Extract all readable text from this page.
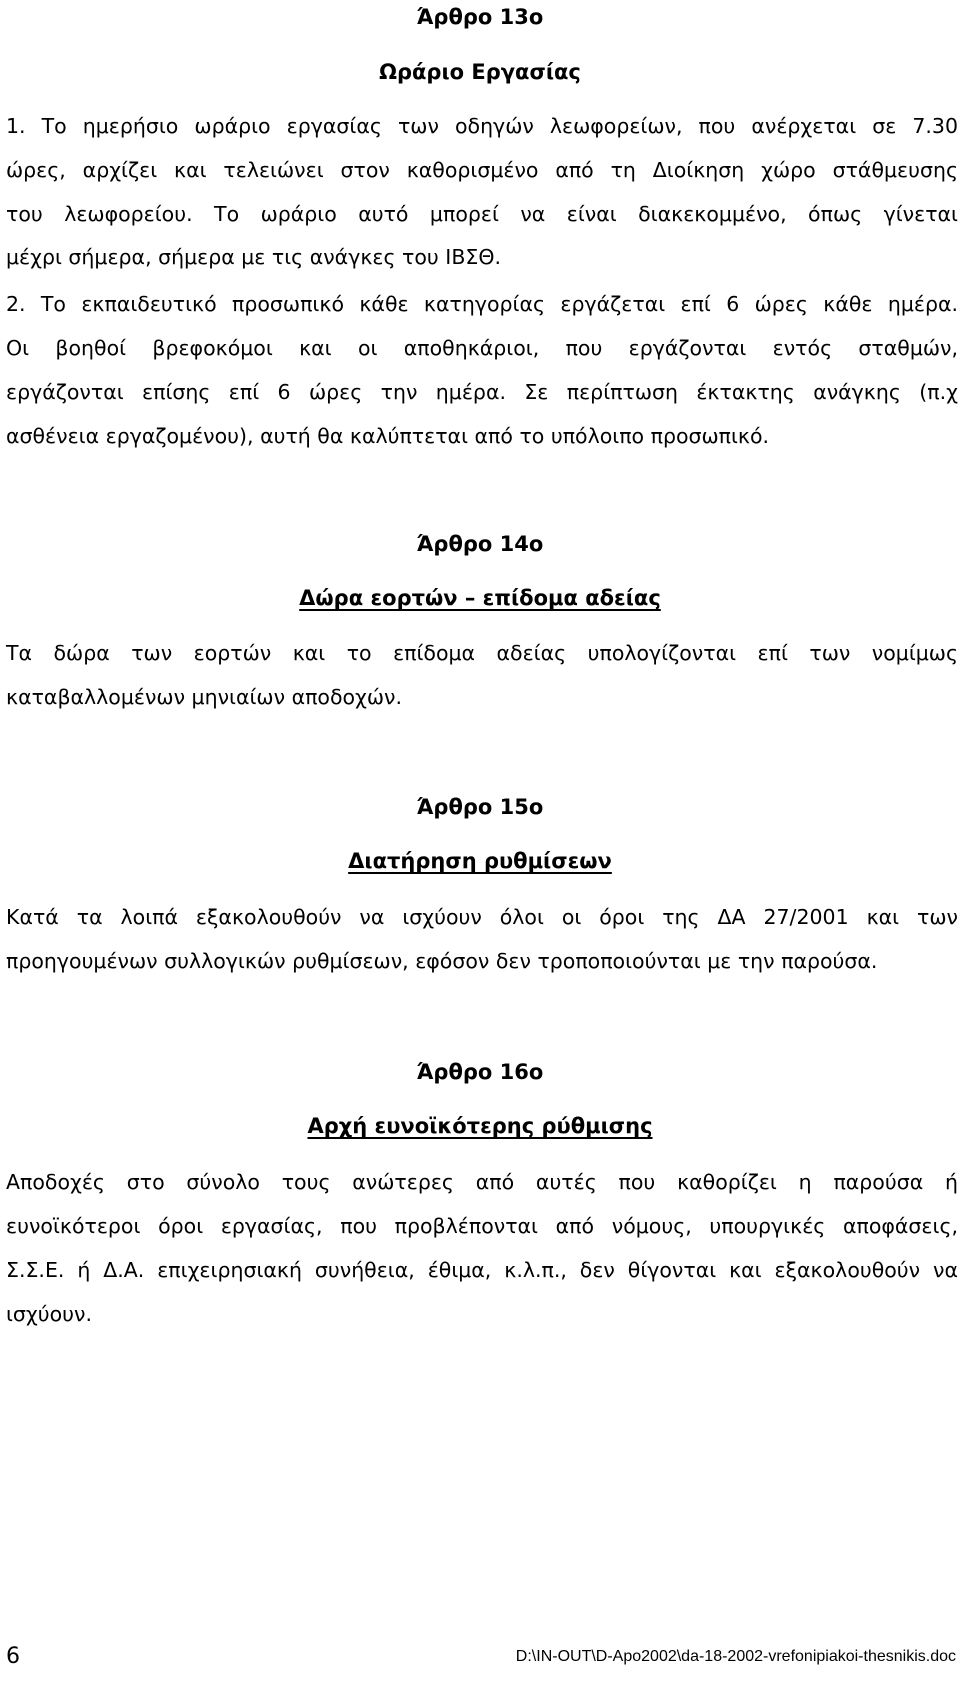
Άρθρο 13ο
Ωράριο Εργασίας
1. Το ημερήσιο ωράριο εργασίας των οδηγών λεωφορείων, που ανέρχεται σε 7.30
ώρες, αρχίζει και τελειώνει στον καθορισμένο από τη Διοίκηση χώρο στάθμευσης
του λεωφορείου. Το ωράριο αυτό μπορεί να είναι διακεκομμένο, όπως γίνεται
μέχρι σήμερα, σήμερα με τις ανάγκες του ΙΒΣΘ.
2. Το εκπαιδευτικό προσωπικό κάθε κατηγορίας εργάζεται επί 6 ώρες κάθε ημέρα.
Οι βοηθοί βρεφοκόμοι και οι αποθηκάριοι, που εργάζονται εντός σταθμών,
εργάζονται επίσης επί 6 ώρες την ημέρα. Σε περίπτωση έκτακτης ανάγκης (π.χ
ασθένεια εργαζομένου), αυτή θα καλύπτεται από το υπόλοιπο προσωπικό.
Άρθρο 14ο
Δώρα εορτών – επίδομα αδείας
Τα δώρα των εορτών και το επίδομα αδείας υπολογίζονται επί των νομίμως
καταβαλλομένων μηνιαίων αποδοχών.
Άρθρο 15ο
Διατήρηση ρυθμίσεων
Κατά τα λοιπά εξακολουθούν να ισχύουν όλοι οι όροι της ΔΑ 27/2001 και των
προηγουμένων συλλογικών ρυθμίσεων, εφόσον δεν τροποποιούνται με την παρούσα.
Άρθρο 16ο
Αρχή ευνοϊκότερης ρύθμισης
Αποδοχές στο σύνολο τους ανώτερες από αυτές που καθορίζει η παρούσα ή
ευνοϊκότεροι όροι εργασίας, που προβλέπονται από νόμους, υπουργικές αποφάσεις,
Σ.Σ.Ε. ή Δ.Α. επιχειρησιακή συνήθεια, έθιμα, κ.λ.π., δεν θίγονται και εξακολουθούν να
ισχύουν.
6	D:\IN-OUT\D-Apo2002\da-18-2002-vrefonipiakoi-thesnikis.doc
